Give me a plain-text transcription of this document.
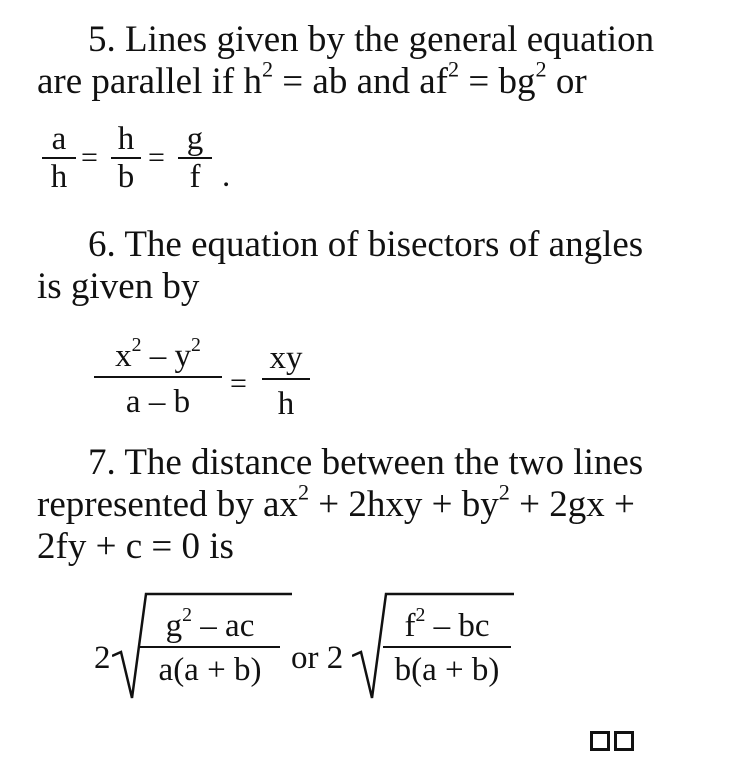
5. Lines given by the general equation
are parallel if $h^2$ = ab and $af^2 = bg^2$ or
a
h
=
h
b
=
g
f .
6. The equation of bisectors of angles
is given by
$x^2 - y^2$
a – b
=
xy
h
7. The distance between the two lines
represented by $ax^2 + 2hxy + by^2 + 2gx$ +
2fy + c = 0 is
2
$g^2$ – ac
a(a + b) or 2
$f^2$ – bc
b(a + b)
